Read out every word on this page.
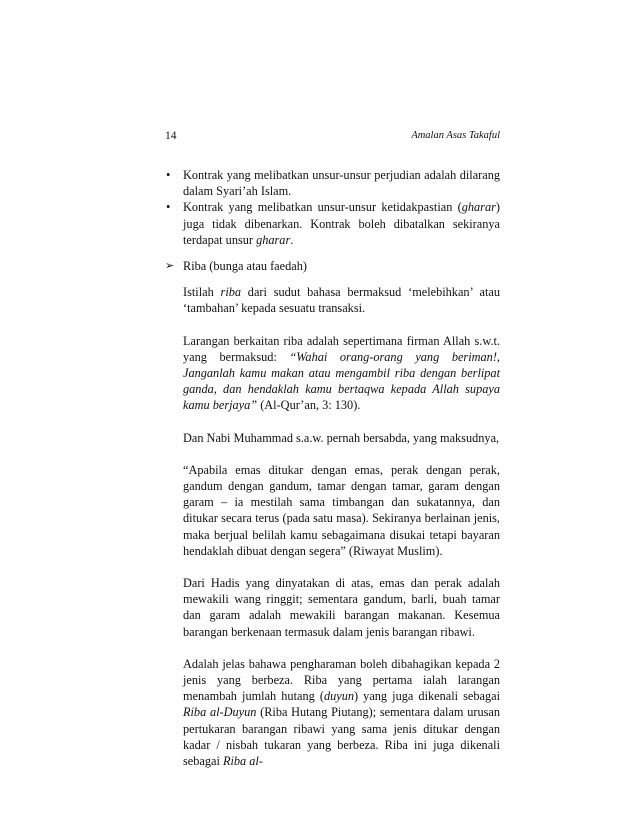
14	Amalan Asas Takaful
• Kontrak yang melibatkan unsur-unsur perjudian adalah dilarang dalam Syari’ah Islam.
• Kontrak yang melibatkan unsur-unsur ketidakpastian (gharar) juga tidak dibenarkan. Kontrak boleh dibatalkan sekiranya terdapat unsur gharar.
➢ Riba (bunga atau faedah)

Istilah riba dari sudut bahasa bermaksud ‘melebihkan’ atau ‘tambahan’ kepada sesuatu transaksi.

Larangan berkaitan riba adalah sepertimana firman Allah s.w.t. yang bermaksud: “Wahai orang-orang yang beriman!, Janganlah kamu makan atau mengambil riba dengan berlipat ganda, dan hendaklah kamu bertaqwa kepada Allah supaya kamu berjaya” (Al-Qur’an, 3: 130).

Dan Nabi Muhammad s.a.w. pernah bersabda, yang maksudnya,

“Apabila emas ditukar dengan emas, perak dengan perak, gandum dengan gandum, tamar dengan tamar, garam dengan garam – ia mestilah sama timbangan dan sukatannya, dan ditukar secara terus (pada satu masa). Sekiranya berlainan jenis, maka berjual belilah kamu sebagaimana disukai tetapi bayaran hendaklah dibuat dengan segera” (Riwayat Muslim).

Dari Hadis yang dinyatakan di atas, emas dan perak adalah mewakili wang ringgit; sementara gandum, barli, buah tamar dan garam adalah mewakili barangan makanan. Kesemua barangan berkenaan termasuk dalam jenis barangan ribawi.

Adalah jelas bahawa pengharaman boleh dibahagikan kepada 2 jenis yang berbeza. Riba yang pertama ialah larangan menambah jumlah hutang (duyun) yang juga dikenali sebagai Riba al-Duyun (Riba Hutang Piutang); sementara dalam urusan pertukaran barangan ribawi yang sama jenis ditukar dengan kadar / nisbah tukaran yang berbeza. Riba ini juga dikenali sebagai Riba al-
